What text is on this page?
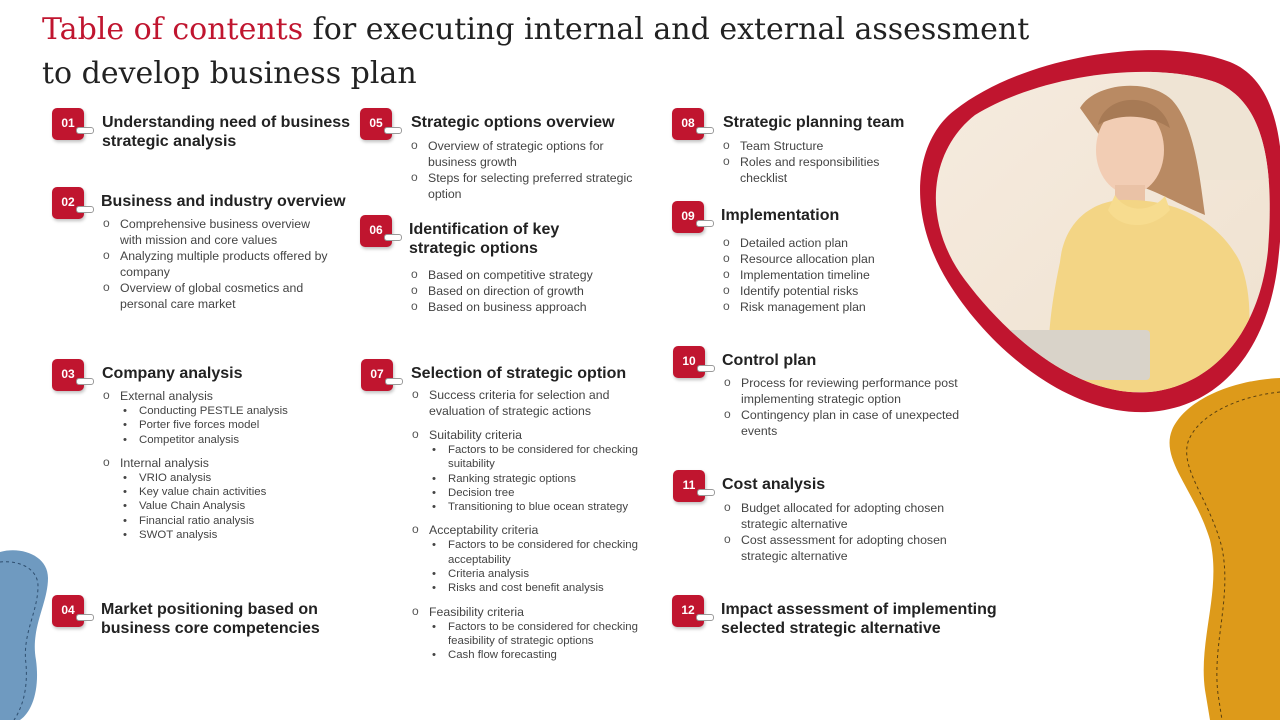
Table of contents for executing internal and external assessment to develop business plan
01	Understanding need of business strategic analysis
02	Business and industry overview
o Comprehensive business overview with mission and core values
o Analyzing multiple products offered by company
o Overview of global cosmetics and personal care market
03	Company analysis
o External analysis
• Conducting PESTLE analysis
• Porter five forces model
• Competitor analysis
o Internal analysis
• VRIO analysis
• Key value chain activities
• Value Chain Analysis
• Financial ratio analysis
• SWOT analysis
04	Market positioning based on business core competencies
05	Strategic options overview
o Overview of strategic options for business growth
o Steps for selecting preferred strategic option
06	Identification of key strategic options
o Based on competitive strategy
o Based on direction of growth
o Based on business approach
07	Selection of strategic option
o Success criteria for selection and evaluation of strategic actions
o Suitability criteria
• Factors to be considered for checking suitability
• Ranking strategic options
• Decision tree
• Transitioning to blue ocean strategy
o Acceptability criteria
• Factors to be considered for checking acceptability
• Criteria analysis
• Risks and cost benefit analysis
o Feasibility criteria
• Factors to be considered for checking feasibility of strategic options
• Cash flow forecasting
08	Strategic planning team
o Team Structure
o Roles and responsibilities checklist
09	Implementation
o Detailed action plan
o Resource allocation plan
o Implementation timeline
o Identify potential risks
o Risk management plan
10	Control plan
o Process for reviewing performance post implementing strategic option
o Contingency plan in case of unexpected events
11	Cost analysis
o Budget allocated for adopting chosen strategic alternative
o Cost assessment for adopting chosen strategic alternative
12	Impact assessment of implementing selected strategic alternative
